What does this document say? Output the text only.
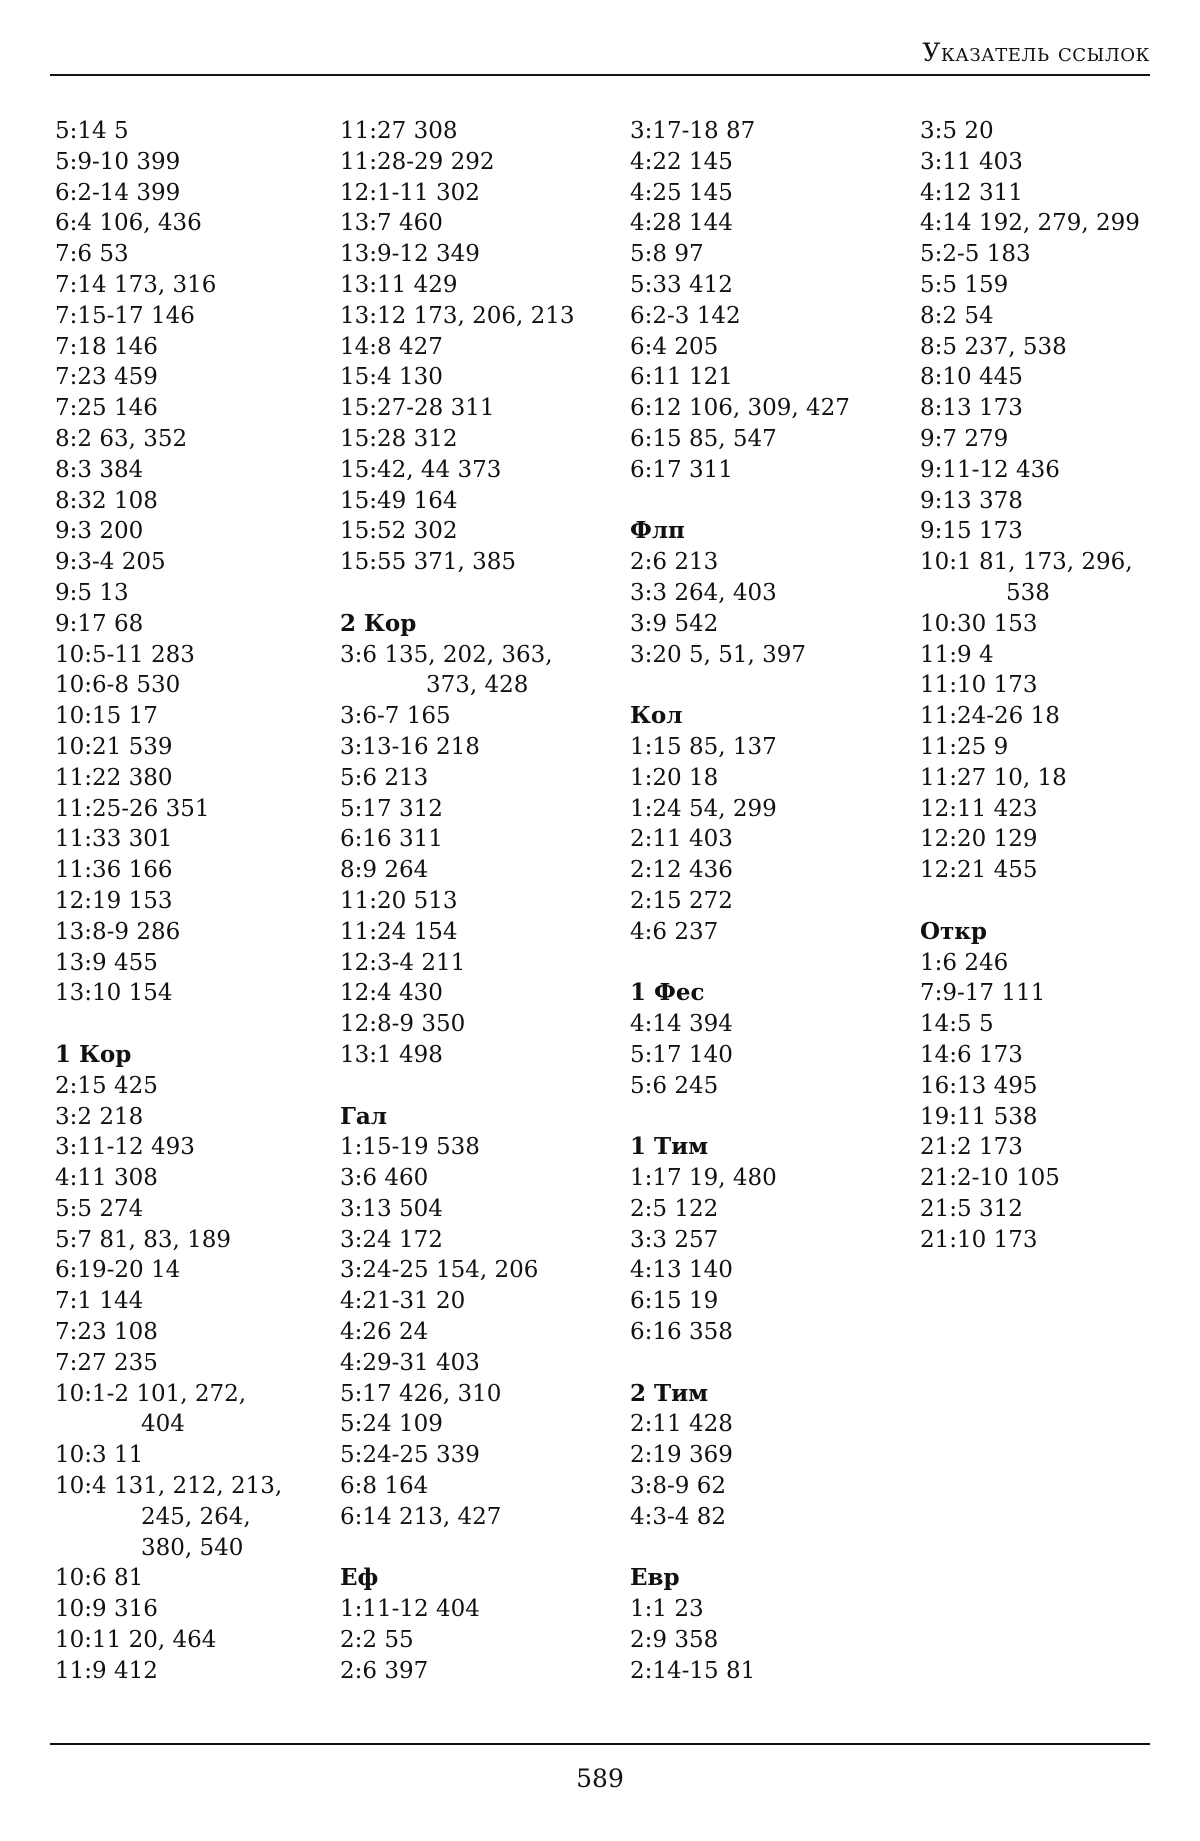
Указатель ссылок
5:14 5
5:9-10 399
6:2-14 399
6:4 106, 436
7:6 53
7:14 173, 316
7:15-17 146
7:18 146
7:23 459
7:25 146
8:2 63, 352
8:3 384
8:32 108
9:3 200
9:3-4 205
9:5 13
9:17 68
10:5-11 283
10:6-8 530
10:15 17
10:21 539
11:22 380
11:25-26 351
11:33 301
11:36 166
12:19 153
13:8-9 286
13:9 455
13:10 154
1 Кор
2:15 425
3:2 218
3:11-12 493
4:11 308
5:5 274
5:7 81, 83, 189
6:19-20 14
7:1 144
7:23 108
7:27 235
10:1-2 101, 272,
404
10:3 11
10:4 131, 212, 213,
245, 264,
380, 540
10:6 81
10:9 316
10:11 20, 464
11:9 412
11:27 308
11:28-29 292
12:1-11 302
13:7 460
13:9-12 349
13:11 429
13:12 173, 206, 213
14:8 427
15:4 130
15:27-28 311
15:28 312
15:42, 44 373
15:49 164
15:52 302
15:55 371, 385
2 Кор
3:6 135, 202, 363,
373, 428
3:6-7 165
3:13-16 218
5:6 213
5:17 312
6:16 311
8:9 264
11:20 513
11:24 154
12:3-4 211
12:4 430
12:8-9 350
13:1 498
Гал
1:15-19 538
3:6 460
3:13 504
3:24 172
3:24-25 154, 206
4:21-31 20
4:26 24
4:29-31 403
5:17 426, 310
5:24 109
5:24-25 339
6:8 164
6:14 213, 427
Еф
1:11-12 404
2:2 55
2:6 397
3:17-18 87
4:22 145
4:25 145
4:28 144
5:8 97
5:33 412
6:2-3 142
6:4 205
6:11 121
6:12 106, 309, 427
6:15 85, 547
6:17 311
Флп
2:6 213
3:3 264, 403
3:9 542
3:20 5, 51, 397
Кол
1:15 85, 137
1:20 18
1:24 54, 299
2:11 403
2:12 436
2:15 272
4:6 237
1 Фес
4:14 394
5:17 140
5:6 245
1 Тим
1:17 19, 480
2:5 122
3:3 257
4:13 140
6:15 19
6:16 358
2 Тим
2:11 428
2:19 369
3:8-9 62
4:3-4 82
Евр
1:1 23
2:9 358
2:14-15 81
3:5 20
3:11 403
4:12 311
4:14 192, 279, 299
5:2-5 183
5:5 159
8:2 54
8:5 237, 538
8:10 445
8:13 173
9:7 279
9:11-12 436
9:13 378
9:15 173
10:1 81, 173, 296,
538
10:30 153
11:9 4
11:10 173
11:24-26 18
11:25 9
11:27 10, 18
12:11 423
12:20 129
12:21 455
Откр
1:6 246
7:9-17 111
14:5 5
14:6 173
16:13 495
19:11 538
21:2 173
21:2-10 105
21:5 312
21:10 173
589
